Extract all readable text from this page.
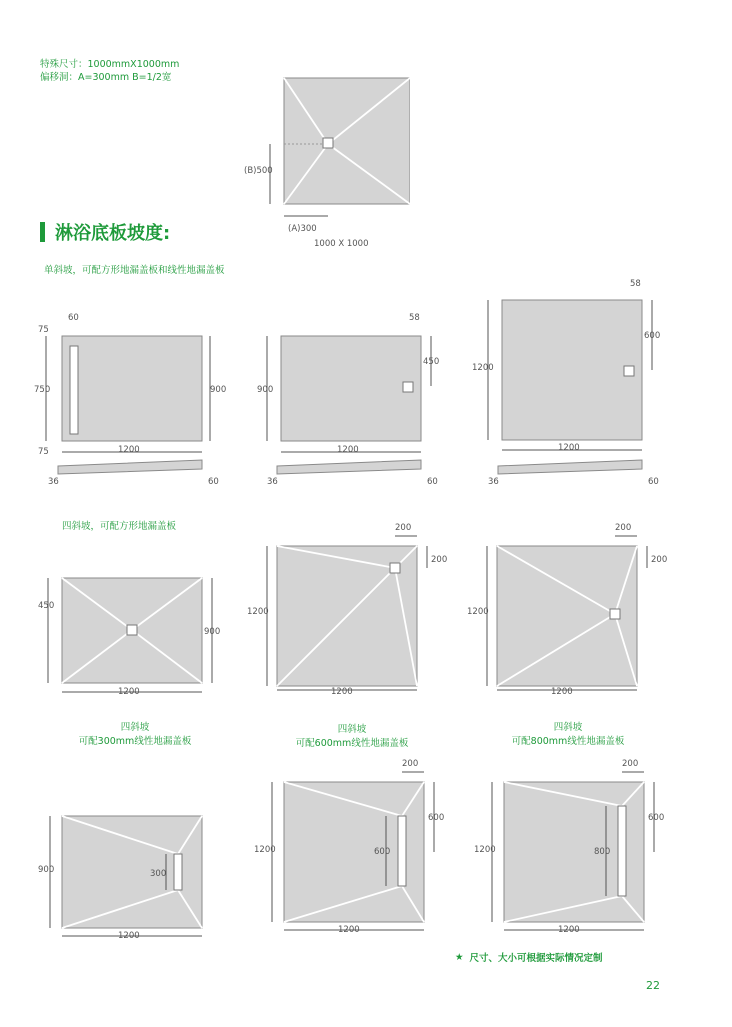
特殊尺寸：1000mmX1000mm
偏移洞：A=300mm B=1/2宽
(B)500
(A)300
1000 X 1000
淋浴底板坡度:
单斜坡，可配方形地漏盖板和线性地漏盖板
75
60
750
75
900
1200
36	60
58
450
900
1200
36	60
58
600
1200
1200
36	60
四斜坡，可配方形地漏盖板
450
900
1200
200
200
1200
1200
200
200
1200
1200
四斜坡
可配300mm线性地漏盖板
四斜坡
可配600mm线性地漏盖板
四斜坡
可配800mm线性地漏盖板
900	300
1200
200
600
1200	600
1200
200
600
1200	800
1200
★ 尺寸、大小可根据实际情况定制
22
